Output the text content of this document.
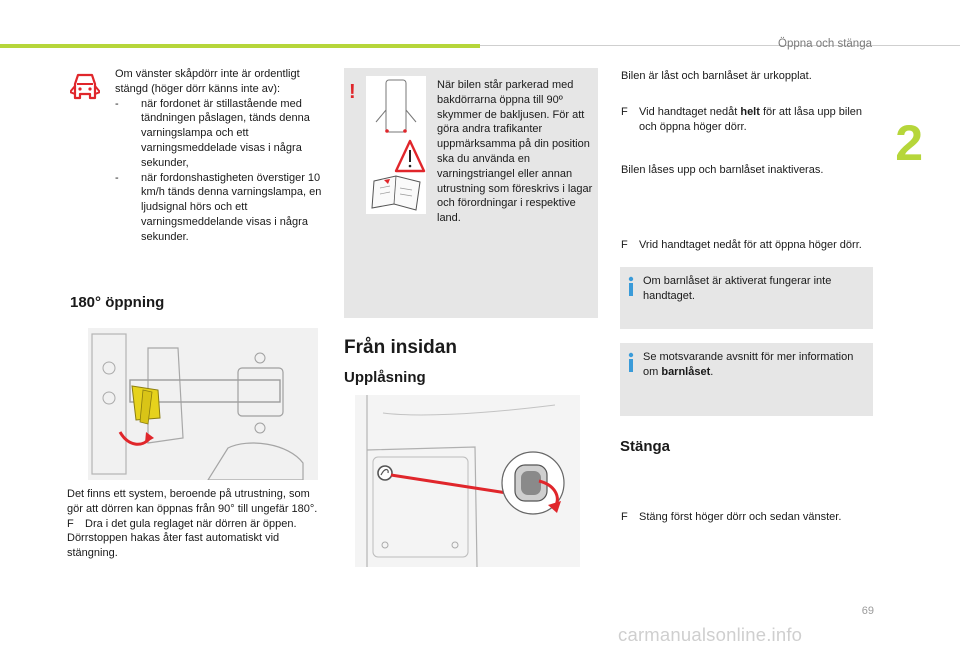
Öppna och stänga
2

Om vänster skåpdörr inte är ordentligt stängd (höger dörr känns inte av):

- när fordonet är stillastående med tändningen påslagen, tänds denna varningslampa och ett varningsmeddelade visas i några sekunder,
- när fordonshastigheten överstiger 10 km/h tänds denna varningslampa, en ljudsignal hörs och ett varningsmeddelande visas i några sekunder.
180° öppning

Det finns ett system, beroende på utrustning, som gör att dörren kan öppnas från 90° till ungefär 180°.

F Dra i det gula reglaget när dörren är öppen.

Dörrstoppen hakas åter fast automatiskt vid stängning.

!	När bilen står parkerad med bakdörrarna öppna till 90º skymmer de bakljusen. För att göra andra trafikanter uppmärksamma på din position ska du använda en varningstriangel eller annan utrustning som föreskrivs i lagar och förordningar i respektive land.
Från insidan
Upplåsning
Bilen är låst och barnlåset är urkopplat.
F Vid handtaget nedåt helt för att låsa upp bilen och öppna höger dörr.
Bilen låses upp och barnlåset inaktiveras.
F Vrid handtaget nedåt för att öppna höger dörr.
Om barnlåset är aktiverat fungerar inte handtaget.
Se motsvarande avsnitt för mer information om barnlåset.
Stänga
F Stäng först höger dörr och sedan vänster.
69
carmanualsonline.info
